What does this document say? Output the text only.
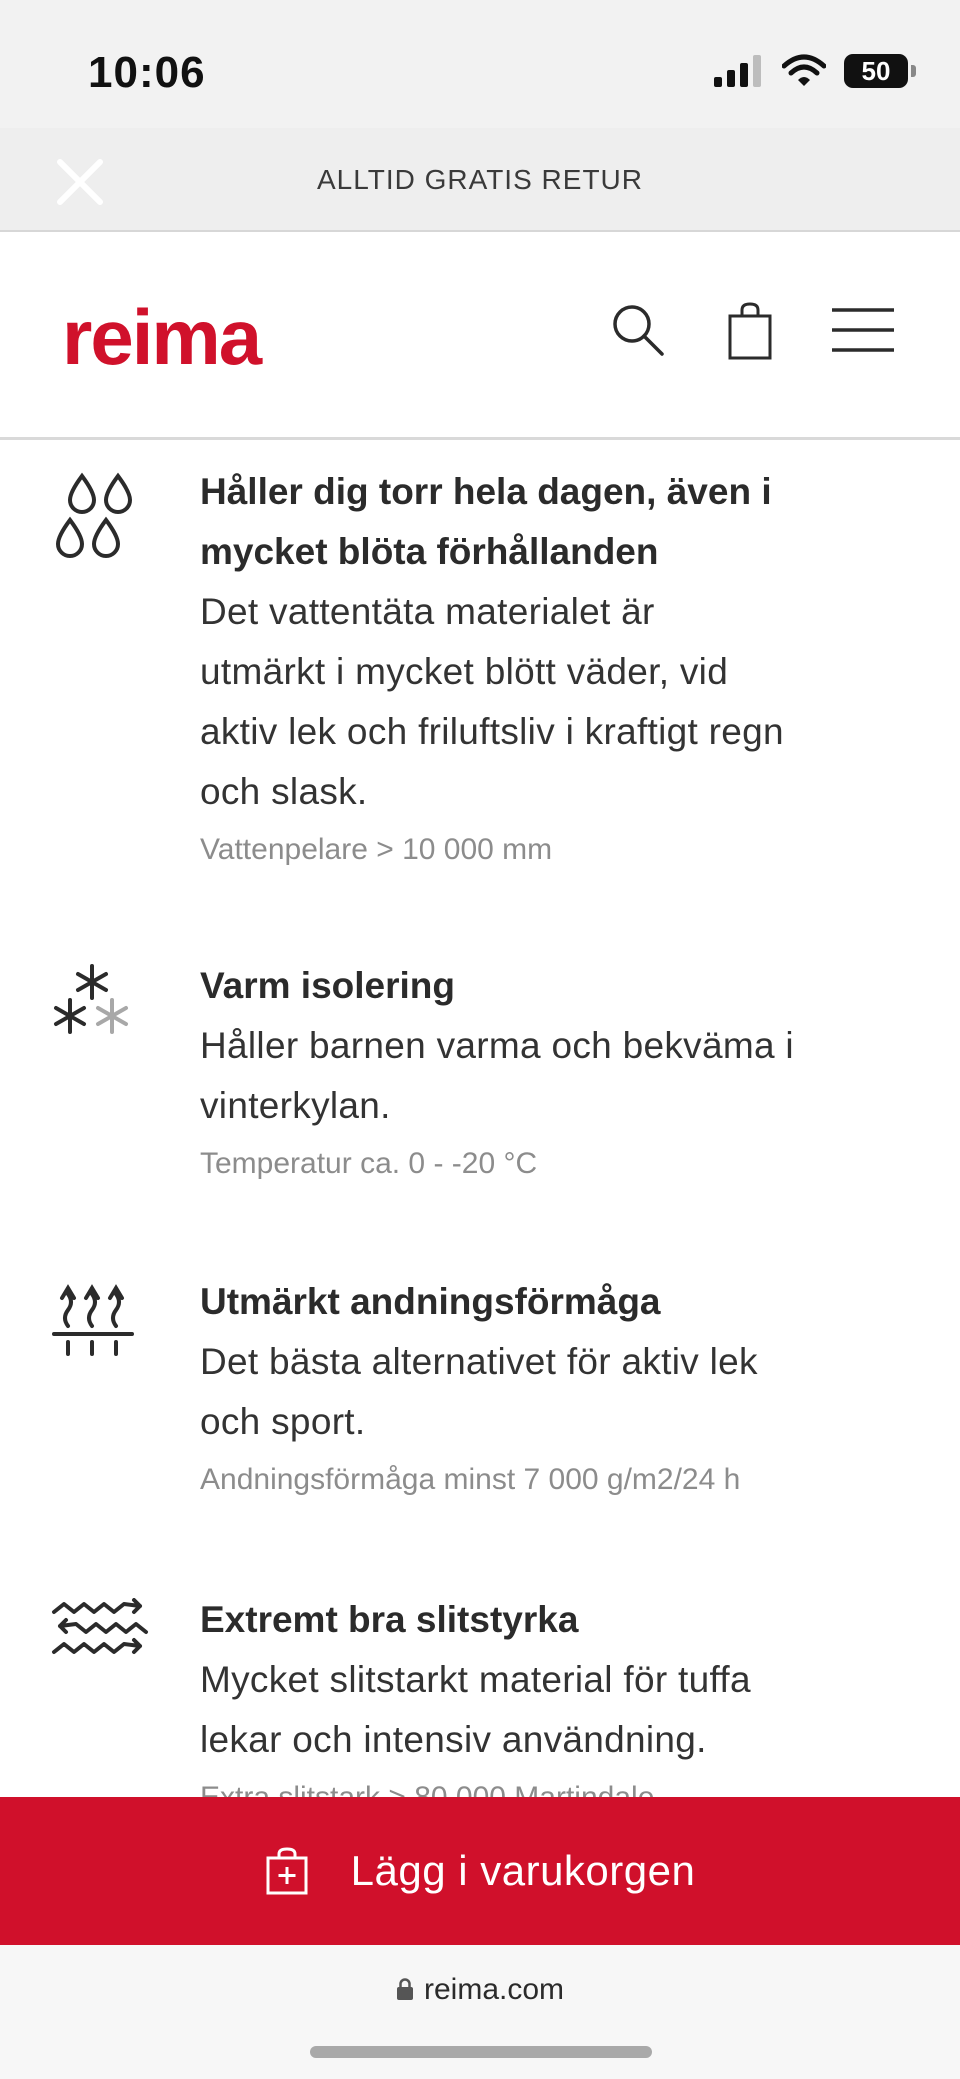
10:06	50
ALLTID GRATIS RETUR
reima
Håller dig torr hela dagen, även i
mycket blöta förhållanden
Det vattentäta materialet är
utmärkt i mycket blött väder, vid
aktiv lek och friluftsliv i kraftigt regn
och slask.
Vattenpelare > 10 000 mm
Varm isolering
Håller barnen varma och bekväma i
vinterkylan.
Temperatur ca. 0 - -20 °C
Utmärkt andningsförmåga
Det bästa alternativet för aktiv lek
och sport.
Andningsförmåga minst 7 000 g/m2/24 h
Extremt bra slitstyrka
Mycket slitstarkt material för tuffa
lekar och intensiv användning.
Lägg i varukorgen
reima.com
